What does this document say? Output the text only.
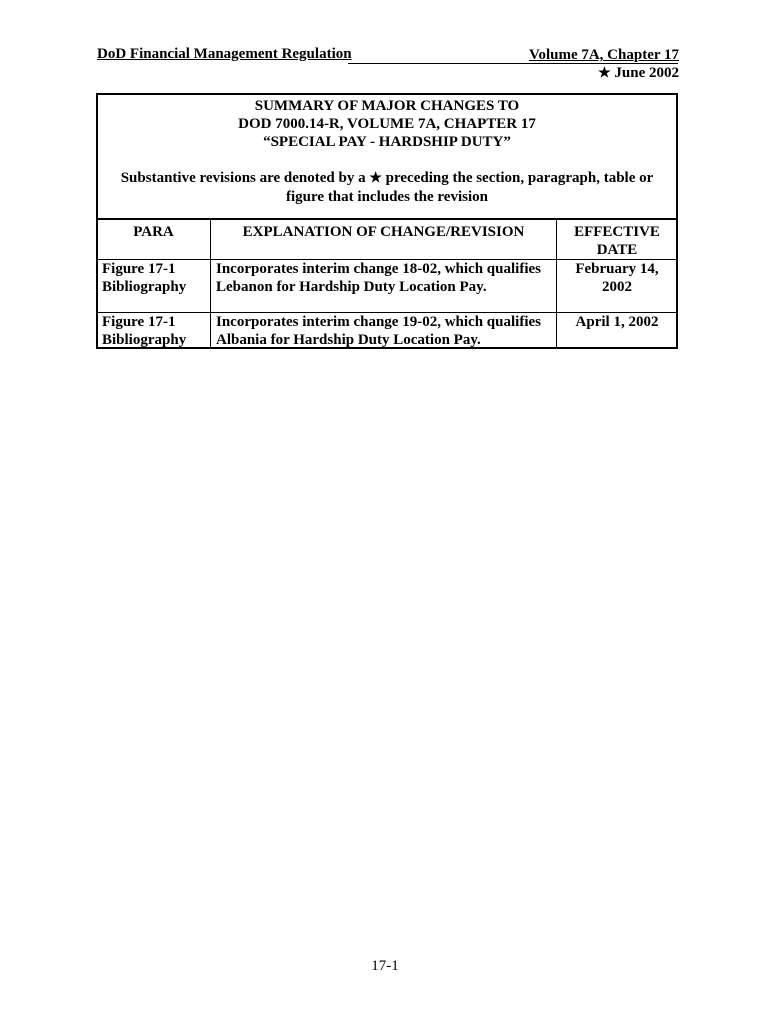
DoD Financial Management Regulation	Volume 7A, Chapter 17
★ June 2002
SUMMARY OF MAJOR CHANGES TO
DOD 7000.14-R, VOLUME 7A, CHAPTER 17
“SPECIAL PAY - HARDSHIP DUTY”
Substantive revisions are denoted by a ★ preceding the section, paragraph, table or
figure that includes the revision
PARA	EXPLANATION OF CHANGE/REVISION	EFFECTIVE
DATE

Figure 17-1
Bibliography	Incorporates interim change 18-02, which qualifies Lebanon for Hardship Duty Location Pay.	February 14, 2002

Figure 17-1
Bibliography	Incorporates interim change 19-02, which qualifies Albania for Hardship Duty Location Pay.	April 1, 2002
17-1
